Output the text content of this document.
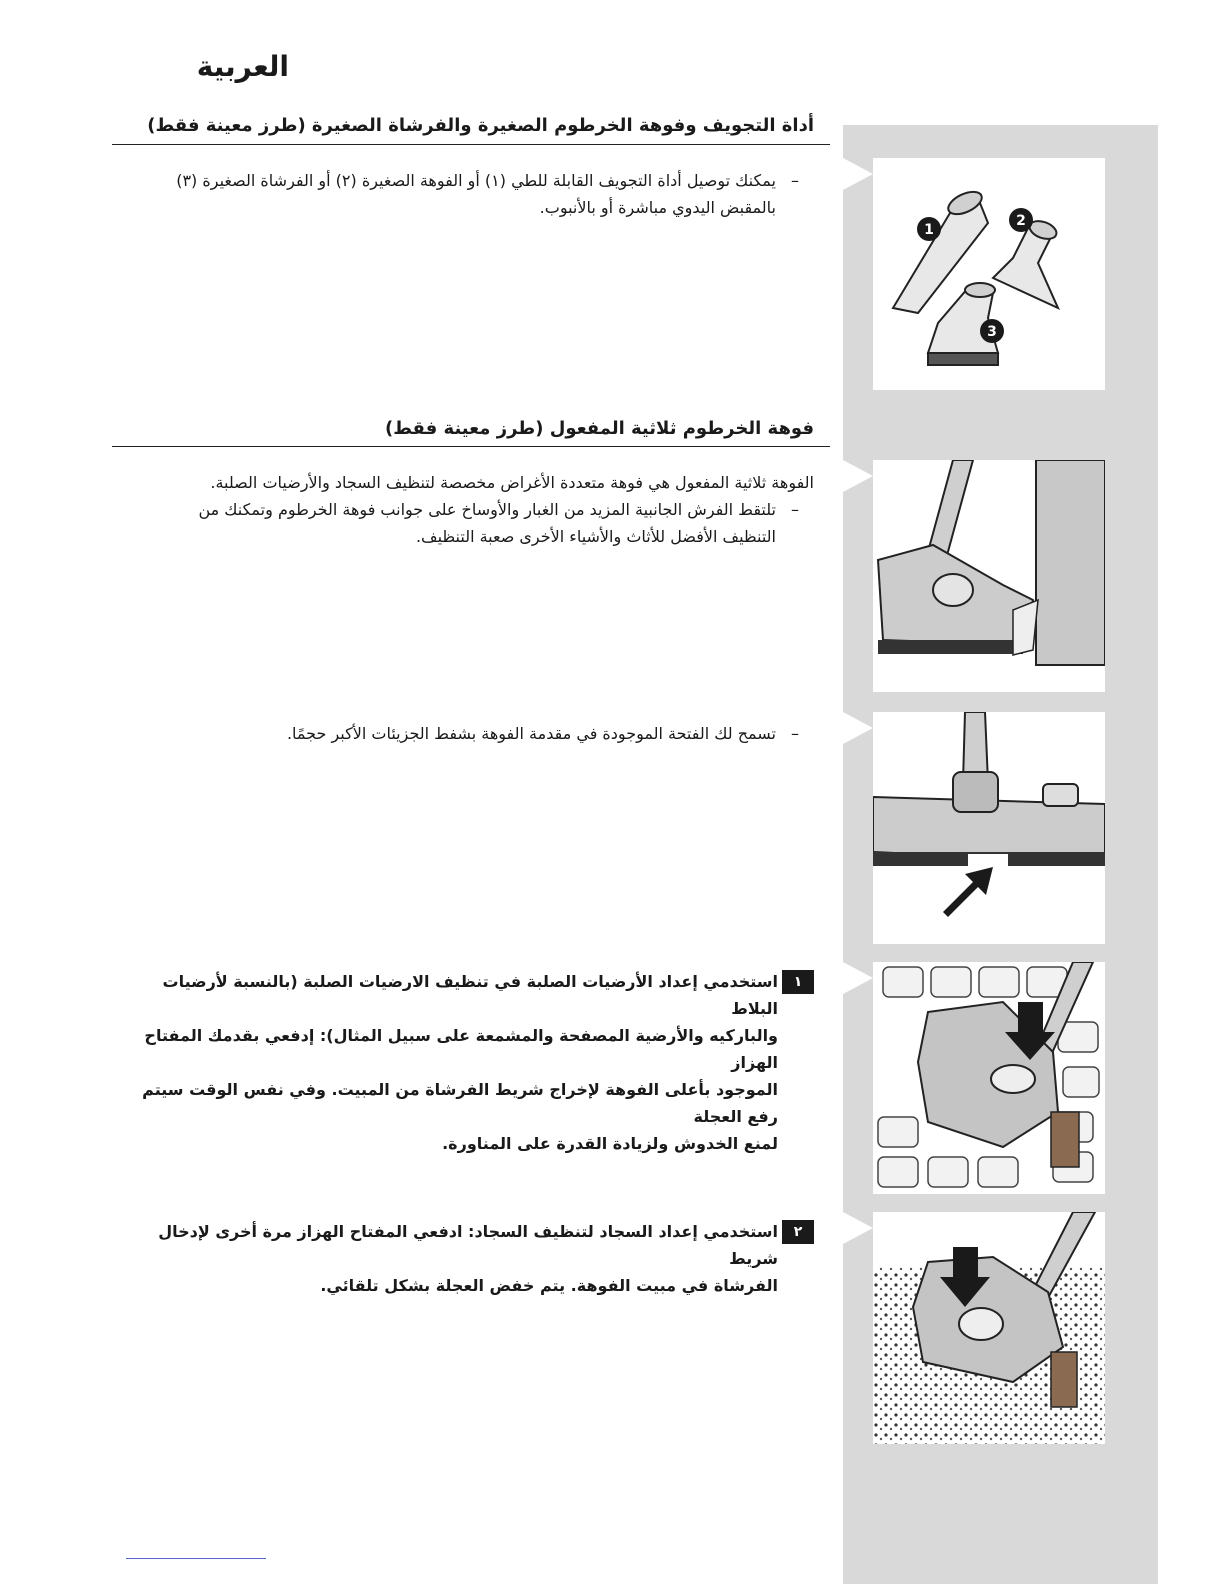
العربية
أداة التجويف وفوهة الخرطوم الصغيرة والفرشاة الصغيرة (طرز معينة فقط)
–
يمكنك توصيل أداة التجويف القابلة للطي (١) أو الفوهة الصغيرة (٢) أو الفرشاة الصغيرة (٣)
بالمقبض اليدوي مباشرة أو بالأنبوب.
1
2
3
فوهة الخرطوم ثلاثية المفعول (طرز معينة فقط)
الفوهة ثلاثية المفعول هي فوهة متعددة الأغراض مخصصة لتنظيف السجاد والأرضيات الصلبة.
–
تلتقط الفرش الجانبية المزيد من الغبار والأوساخ على جوانب فوهة الخرطوم وتمكنك من
التنظيف الأفضل للأثاث والأشياء الأخرى صعبة التنظيف.
–
تسمح لك الفتحة الموجودة في مقدمة الفوهة بشفط الجزيئات الأكبر حجمًا.
١
استخدمي إعداد الأرضيات الصلبة في تنظيف الارضيات الصلبة (بالنسبة لأرضيات البلاط
والباركيه والأرضية المصفحة والمشمعة على سبيل المثال): إدفعي بقدمك المفتاح الهزاز
الموجود بأعلى الفوهة لإخراج شريط الفرشاة من المبيت. وفي نفس الوقت سيتم رفع العجلة
لمنع الخدوش ولزيادة القدرة على المناورة.
٢
استخدمي إعداد السجاد لتنظيف السجاد: ادفعي المفتاح الهزاز مرة أخرى لإدخال شريط
الفرشاة في مبيت الفوهة. يتم خفض العجلة بشكل تلقائي.
